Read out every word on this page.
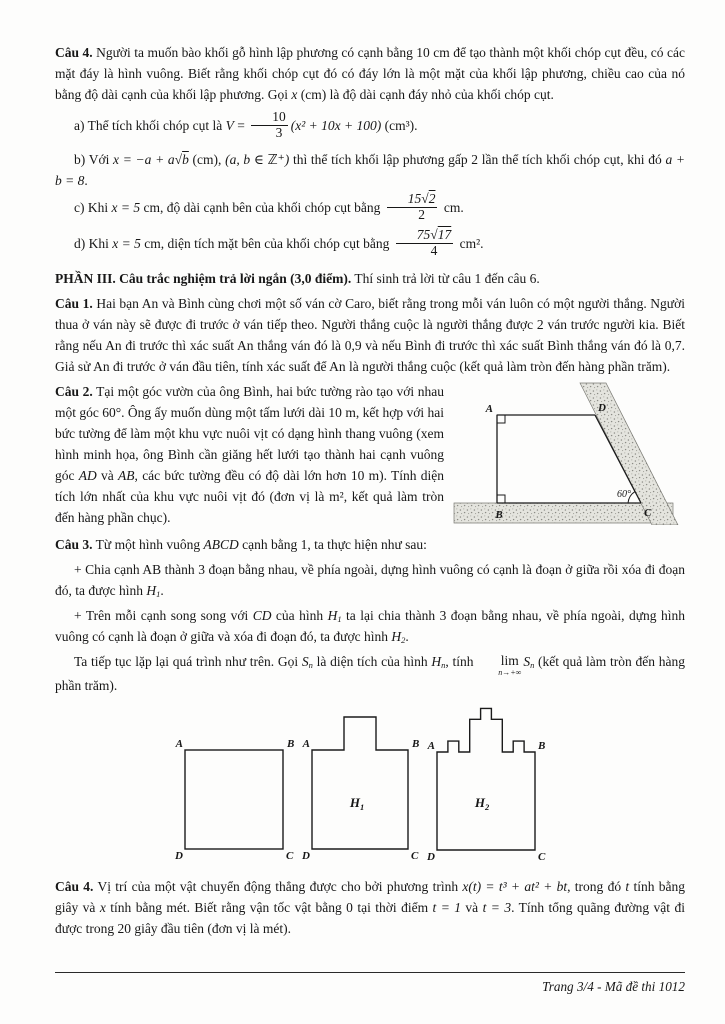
Câu 4. Người ta muốn bào khối gỗ hình lập phương có cạnh bằng 10 cm để tạo thành một khối chóp cụt đều, có các mặt đáy là hình vuông. Biết rằng khối chóp cụt đó có đáy lớn là một mặt của khối lập phương, chiều cao của nó bằng độ dài cạnh của khối lập phương. Gọi x (cm) là độ dài cạnh đáy nhỏ của khối chóp cụt.

a) Thể tích khối chóp cụt là $V = \frac{10}{3} (x^2 + 10x + 100)$ (cm³).

b) Với x = −a + a√b (cm), (a, b ∈ ℤ⁺) thì thể tích khối lập phương gấp 2 lần thể tích khối chóp cụt, khi đó a + b = 8.

c) Khi x = 5 cm, độ dài cạnh bên của khối chóp cụt bằng $\frac{15√2}{2}$ cm.

d) Khi x = 5 cm, diện tích mặt bên của khối chóp cụt bằng $\frac{75√17}{4} cm^2$.

PHẦN III. Câu trắc nghiệm trả lời ngắn (3,0 điểm). Thí sinh trả lời từ câu 1 đến câu 6.

Câu 1. Hai bạn An và Bình cùng chơi một số ván cờ Caro, biết rằng trong mỗi ván luôn có một người thắng. Người thua ở ván này sẽ được đi trước ở ván tiếp theo. Người thắng cuộc là người thắng được 2 ván trước người kia. Biết rằng nếu An đi trước thì xác suất An thắng ván đó là 0,9 và nếu Bình đi trước thì xác suất Bình thắng ván đó là 0,7. Giả sử An đi trước ở ván đầu tiên, tính xác suất để An là người thắng cuộc (kết quả làm tròn đến hàng phần trăm).

A
B	C
D
60°

Câu 2. Tại một góc vườn của ông Bình, hai bức tường rào tạo với nhau một góc 60°. Ông ấy muốn dùng một tấm lưới dài 10 m, kết hợp với hai bức tường để làm một khu vực nuôi vịt có dạng hình thang vuông (xem hình minh họa, ông Bình cần giăng hết lưới tạo thành hai cạnh vuông góc AD và AB, các bức tường đều có độ dài lớn hơn 10 m). Tính diện tích lớn nhất của khu vực nuôi vịt đó (đơn vị là m², kết quả làm tròn đến hàng phần chục).

Câu 3. Từ một hình vuông ABCD cạnh bằng 1, ta thực hiện như sau:

+ Chia cạnh AB thành 3 đoạn bằng nhau, về phía ngoài, dựng hình vuông có cạnh là đoạn ở giữa rồi xóa đi đoạn đó, ta được hình $H_1$.

+ Trên mỗi cạnh song song với CD của hình $H_1$ ta lại chia thành 3 đoạn bằng nhau, về phía ngoài, dựng hình vuông có cạnh là đoạn ở giữa và xóa đi đoạn đó, ta được hình $H_2$.

Ta tiếp tục lặp lại quá trình như trên. Gọi $S_n$ là diện tích của hình $H_n$, tính	lim
n→+∞
$S_n$ (kết quả làm tròn đến hàng phần trăm).

A	B
D	C
A	B
D	C
$H_1$
A	B
D	C
$H_2$

Câu 4. Vị trí của một vật chuyển động thẳng được cho bởi phương trình x(t) = t³ + at² + bt, trong đó t tính bằng giây và x tính bằng mét. Biết rằng vận tốc vật bằng 0 tại thời điểm t = 1 và t = 3. Tính tổng quãng đường vật đi được trong 20 giây đầu tiên (đơn vị là mét).

Trang 3/4 - Mã đề thi 1012
